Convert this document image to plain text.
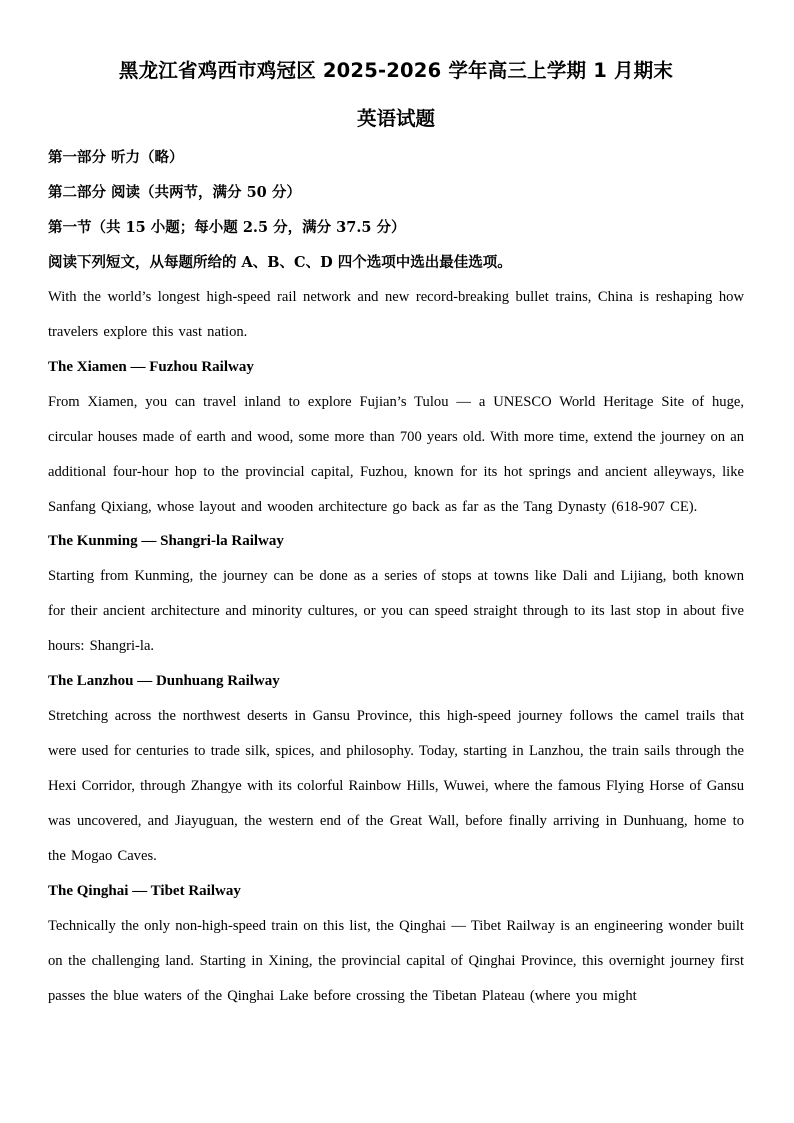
黑龙江省鸡西市鸡冠区 2025-2026 学年高三上学期 1 月期末
英语试题

第一部分 听力（略）

第二部分 阅读（共两节，满分 50 分）

第一节（共 15 小题；每小题 2.5 分，满分 37.5 分）

阅读下列短文，从每题所给的 A、B、C、D 四个选项中选出最佳选项。

With the world’s longest high-speed rail network and new record-breaking bullet trains, China is reshaping how travelers explore this vast nation.

The Xiamen — Fuzhou Railway

From Xiamen, you can travel inland to explore Fujian’s Tulou — a UNESCO World Heritage Site of huge, circular houses made of earth and wood, some more than 700 years old. With more time, extend the journey on an additional four-hour hop to the provincial capital, Fuzhou, known for its hot springs and ancient alleyways, like Sanfang Qixiang, whose layout and wooden architecture go back as far as the Tang Dynasty (618-907 CE).

The Kunming — Shangri-la Railway

Starting from Kunming, the journey can be done as a series of stops at towns like Dali and Lijiang, both known for their ancient architecture and minority cultures, or you can speed straight through to its last stop in about five hours: Shangri-la.

The Lanzhou — Dunhuang Railway

Stretching across the northwest deserts in Gansu Province, this high-speed journey follows the camel trails that were used for centuries to trade silk, spices, and philosophy. Today, starting in Lanzhou, the train sails through the Hexi Corridor, through Zhangye with its colorful Rainbow Hills, Wuwei, where the famous Flying Horse of Gansu was uncovered, and Jiayuguan, the western end of the Great Wall, before finally arriving in Dunhuang, home to the Mogao Caves.

The Qinghai — Tibet Railway

Technically the only non-high-speed train on this list, the Qinghai — Tibet Railway is an engineering wonder built on the challenging land. Starting in Xining, the provincial capital of Qinghai Province, this overnight journey first passes the blue waters of the Qinghai Lake before crossing the Tibetan Plateau (where you might
